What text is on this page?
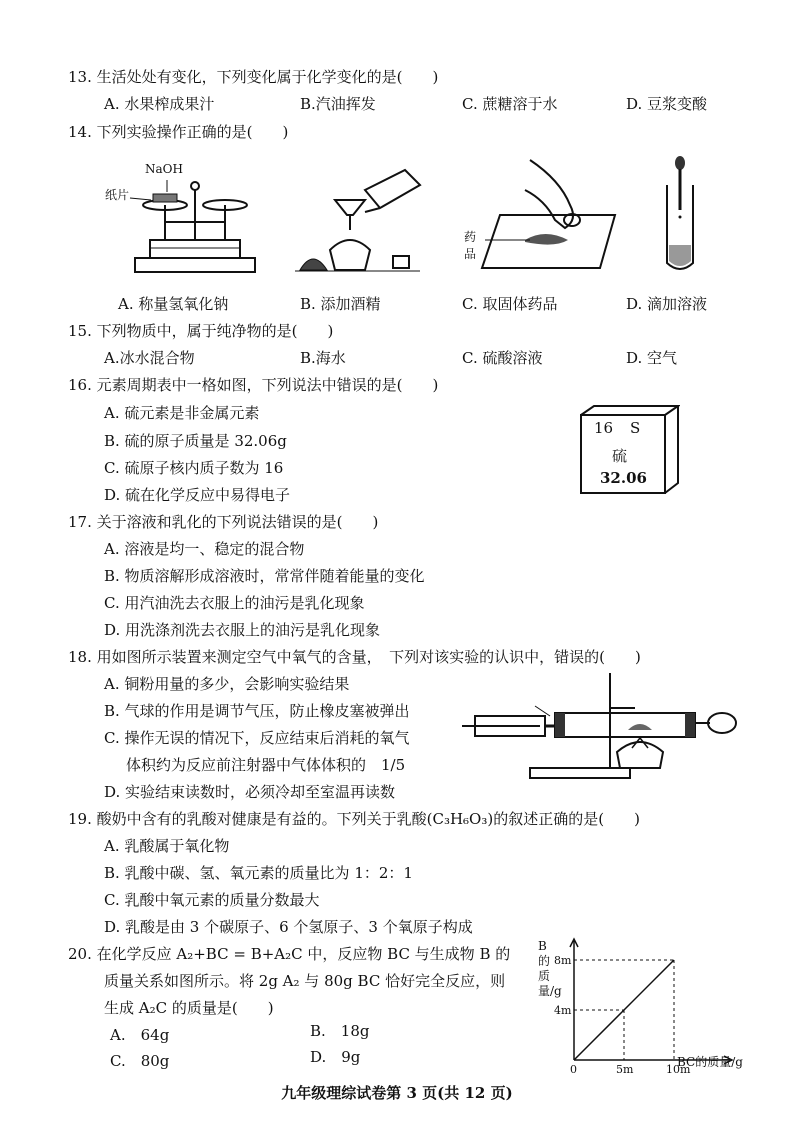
13. 生活处处有变化，下列变化属于化学变化的是(　　)
A. 水果榨成果汁	B.汽油挥发	C. 蔗糖溶于水	D. 豆浆变酸
14. 下列实验操作正确的是(　　)
NaOH
纸片
药
品
A. 称量氢氧化钠	B. 添加酒精	C. 取固体药品	D. 滴加溶液
15. 下列物质中，属于纯净物的是(　　)
A.冰水混合物	B.海水	C. 硫酸溶液	D. 空气
16. 元素周期表中一格如图，下列说法中错误的是(　　)
A. 硫元素是非金属元素
B. 硫的原子质量是 32.06g
C. 硫原子核内质子数为 16
D. 硫在化学反应中易得电子
16 S
硫
32.06
17. 关于溶液和乳化的下列说法错误的是(　　)
A. 溶液是均一、稳定的混合物
B. 物质溶解形成溶液时，常常伴随着能量的变化
C. 用汽油洗去衣服上的油污是乳化现象
D. 用洗涤剂洗去衣服上的油污是乳化现象
18. 用如图所示装置来测定空气中氧气的含量，　下列对该实验的认识中，错误的(　　)
A. 铜粉用量的多少，会影响实验结果
B. 气球的作用是调节气压，防止橡皮塞被弹出
C. 操作无误的情况下，反应结束后消耗的氧气
体积约为反应前注射器中气体体积的　1/5
D. 实验结束读数时，必须冷却至室温再读数
19. 酸奶中含有的乳酸对健康是有益的。下列关于乳酸(C₃H₆O₃)的叙述正确的是(　　)
A. 乳酸属于氧化物
B. 乳酸中碳、氢、氧元素的质量比为 1：2：1
C. 乳酸中氧元素的质量分数最大
D. 乳酸是由 3 个碳原子、6 个氢原子、3 个氧原子构成
20. 在化学反应 A₂+BC = B+A₂C 中，反应物 BC 与生成物 B 的
质量关系如图所示。将 2g A₂ 与 80g BC 恰好完全反应，则
生成 A₂C 的质量是(　　)
A.　64g	B.　18g
C.　80g	D.　9g
0	5m	10m
4m
8m
B的质量/g
BC的质量/g
九年级理综试卷第 3 页(共 12 页)
